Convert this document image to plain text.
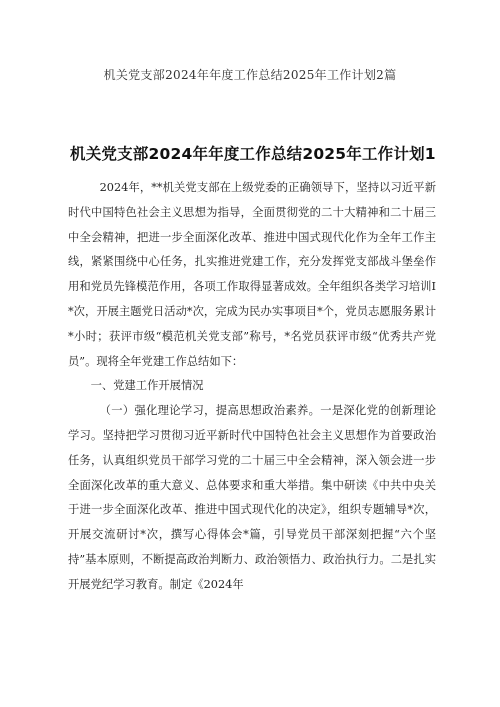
机关党支部2024年年度工作总结2025年工作计划2篇
机关党支部2024年年度工作总结2025年工作计划1

2024年，**机关党支部在上级党委的正确领导下，坚持以习近平新时代中国特色社会主义思想为指导，全面贯彻党的二十大精神和二十届三中全会精神，把进一步全面深化改革、推进中国式现代化作为全年工作主线，紧紧围绕中心任务，扎实推进党建工作，充分发挥党支部战斗堡垒作用和党员先锋模范作用，各项工作取得显著成效。全年组织各类学习培训I*次，开展主题党日活动*次，完成为民办实事项目*个，党员志愿服务累计*小时；获评市级“模范机关党支部”称号，*名党员获评市级“优秀共产党员”。现将全年党建工作总结如下：

一、党建工作开展情况

（一）强化理论学习，提高思想政治素养。一是深化党的创新理论学习。坚持把学习贯彻习近平新时代中国特色社会主义思想作为首要政治任务，认真组织党员干部学习党的二十届三中全会精神，深入领会进一步全面深化改革的重大意义、总体要求和重大举措。集中研读《中共中央关于进一步全面深化改革、推进中国式现代化的决定》，组织专题辅导*次，开展交流研讨*次，撰写心得体会*篇，引导党员干部深刻把握“六个坚持”基本原则，不断提高政治判断力、政治领悟力、政治执行力。二是扎实开展党纪学习教育。制定《2024年
